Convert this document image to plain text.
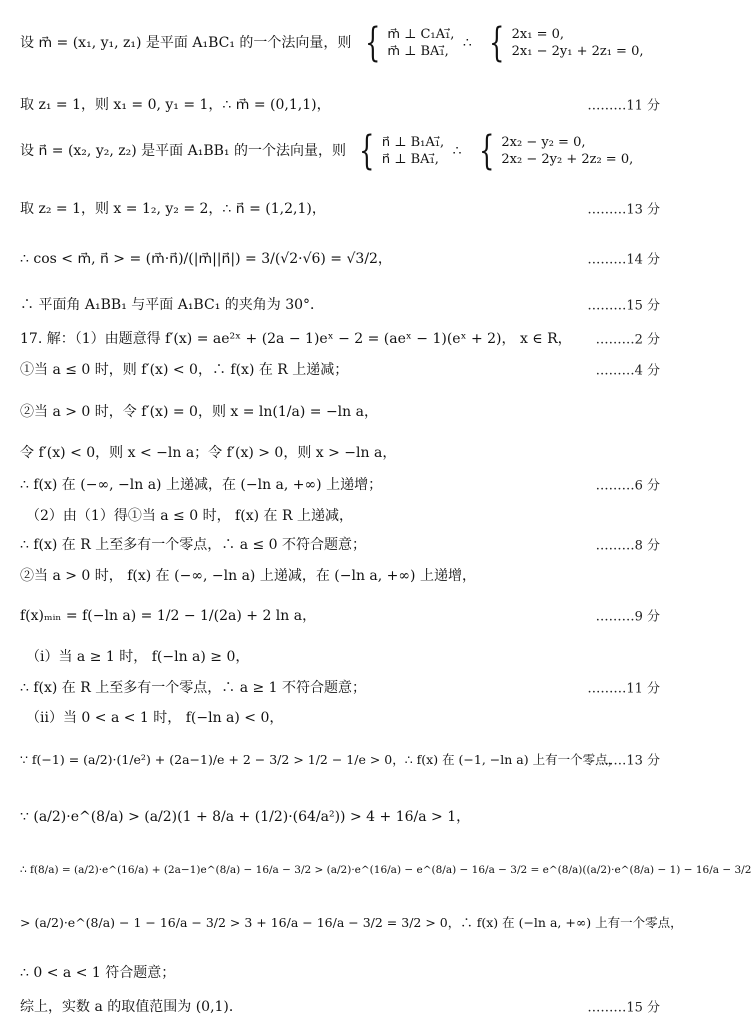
设 m⃗ = (x₁, y₁, z₁) 是平面 A₁BC₁ 的一个法向量，则 { m⃗ ⊥ C₁A₁⃗,
m⃗ ⊥ BA₁⃗,
∴ { 2x₁ = 0,
2x₁ − 2y₁ + 2z₁ = 0,
取 z₁ = 1，则 x₁ = 0, y₁ = 1，∴ m⃗ = (0,1,1)，	………11 分
设 n⃗ = (x₂, y₂, z₂) 是平面 A₁BB₁ 的一个法向量，则 { n⃗ ⊥ B₁A₁⃗,
n⃗ ⊥ BA₁⃗,
∴ { 2x₂ − y₂ = 0,
2x₂ − 2y₂ + 2z₂ = 0,
取 z₂ = 1，则 x = 1₂, y₂ = 2，∴ n⃗ = (1,2,1)，	………13 分
∴ cos < m⃗, n⃗ > = (m⃗·n⃗)/(|m⃗||n⃗|) = 3/(√2·√6) = √3/2，	………14 分
∴ 平面角 A₁BB₁ 与平面 A₁BC₁ 的夹角为 30°．	………15 分
17. 解：（1）由题意得 f′(x) = ae²ˣ + (2a − 1)eˣ − 2 = (aeˣ − 1)(eˣ + 2)， x ∈ R，	………2 分
①当 a ≤ 0 时，则 f′(x) < 0，∴ f(x) 在 R 上递减；	………4 分
②当 a > 0 时，令 f′(x) = 0，则 x = ln(1/a) = −ln a，
令 f′(x) < 0，则 x < −ln a；令 f′(x) > 0，则 x > −ln a，
∴ f(x) 在 (−∞, −ln a) 上递减，在 (−ln a, +∞) 上递增；	………6 分
（2）由（1）得①当 a ≤ 0 时， f(x) 在 R 上递减，
∴ f(x) 在 R 上至多有一个零点，∴ a ≤ 0 不符合题意；	………8 分
②当 a > 0 时， f(x) 在 (−∞, −ln a) 上递减，在 (−ln a, +∞) 上递增，
f(x)ₘᵢₙ = f(−ln a) = 1/2 − 1/(2a) + 2 ln a，	………9 分
（ⅰ）当 a ≥ 1 时， f(−ln a) ≥ 0，
∴ f(x) 在 R 上至多有一个零点，∴ a ≥ 1 不符合题意；	………11 分
（ⅱ）当 0 < a < 1 时， f(−ln a) < 0，
∵ f(−1) = (a/2)·(1/e²) + (2a−1)/e + 2 − 3/2 > 1/2 − 1/e > 0，∴ f(x) 在 (−1, −ln a) 上有一个零点，
……13 分
∵ (a/2)·e^(8/a) > (a/2)(1 + 8/a + (1/2)·(64/a²)) > 4 + 16/a > 1，
∴ f(8/a) = (a/2)·e^(16/a) + (2a−1)e^(8/a) − 16/a − 3/2 > (a/2)·e^(16/a) − e^(8/a) − 16/a − 3/2 = e^(8/a)((a/2)·e^(8/a) − 1) − 16/a − 3/2
> (a/2)·e^(8/a) − 1 − 16/a − 3/2 > 3 + 16/a − 16/a − 3/2 = 3/2 > 0，∴ f(x) 在 (−ln a, +∞) 上有一个零点，
∴ 0 < a < 1 符合题意；
综上，实数 a 的取值范围为 (0,1)．	………15 分
